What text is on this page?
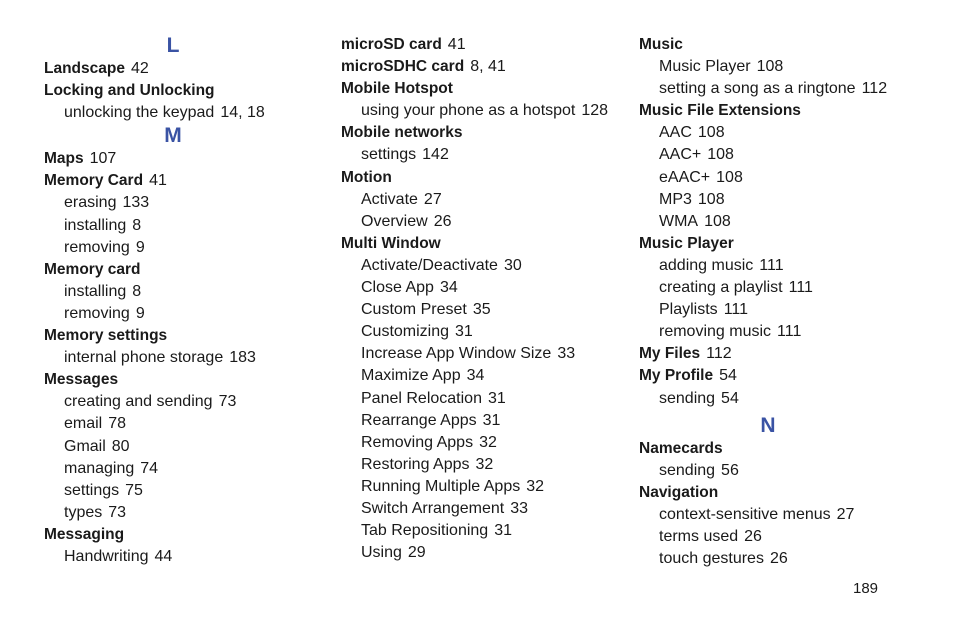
L
Landscape 42
Locking and Unlocking
unlocking the keypad 14, 18
M
Maps 107
Memory Card 41
erasing 133
installing 8
removing 9
Memory card
installing 8
removing 9
Memory settings
internal phone storage 183
Messages
creating and sending 73
email 78
Gmail 80
managing 74
settings 75
types 73
Messaging
Handwriting 44
microSD card 41
microSDHC card 8, 41
Mobile Hotspot
using your phone as a hotspot 128
Mobile networks
settings 142
Motion
Activate 27
Overview 26
Multi Window
Activate/Deactivate 30
Close App 34
Custom Preset 35
Customizing 31
Increase App Window Size 33
Maximize App 34
Panel Relocation 31
Rearrange Apps 31
Removing Apps 32
Restoring Apps 32
Running Multiple Apps 32
Switch Arrangement 33
Tab Repositioning 31
Using 29
Music
Music Player 108
setting a song as a ringtone 112
Music File Extensions
AAC 108
AAC+ 108
eAAC+ 108
MP3 108
WMA 108
Music Player
adding music 111
creating a playlist 111
Playlists 111
removing music 111
My Files 112
My Profile 54
sending 54
N
Namecards
sending 56
Navigation
context-sensitive menus 27
terms used 26
touch gestures 26
189
